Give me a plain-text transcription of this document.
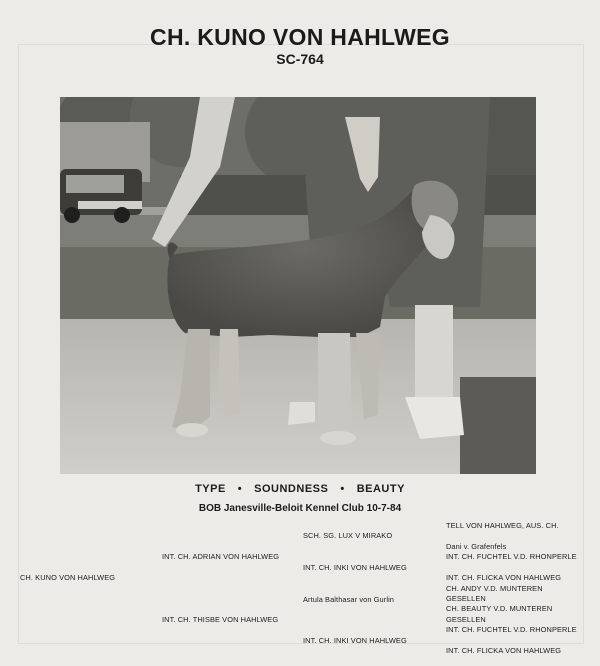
CH. KUNO VON HAHLWEG
SC-764
TYPE • SOUNDNESS • BEAUTY
BOB Janesville-Beloit Kennel Club 10-7-84
CH. KUNO VON HAHLWEG
INT. CH. ADRIAN VON HAHLWEG
INT. CH. THISBE VON HAHLWEG
SCH. SG. LUX V MIRAKO
INT. CH. INKI VON HAHLWEG
Artula Balthasar von Gurlin
INT. CH. INKI VON HAHLWEG
TELL VON HAHLWEG, AUS. CH.
Dani v. Grafenfels
INT. CH. FUCHTEL V.D. RHONPERLE
INT. CH. FLICKA VON HAHLWEG
CH. ANDY V.D. MUNTEREN
GESELLEN
CH. BEAUTY V.D. MUNTEREN
GESELLEN
INT. CH. FUCHTEL V.D. RHONPERLE
INT. CH. FLICKA VON HAHLWEG
